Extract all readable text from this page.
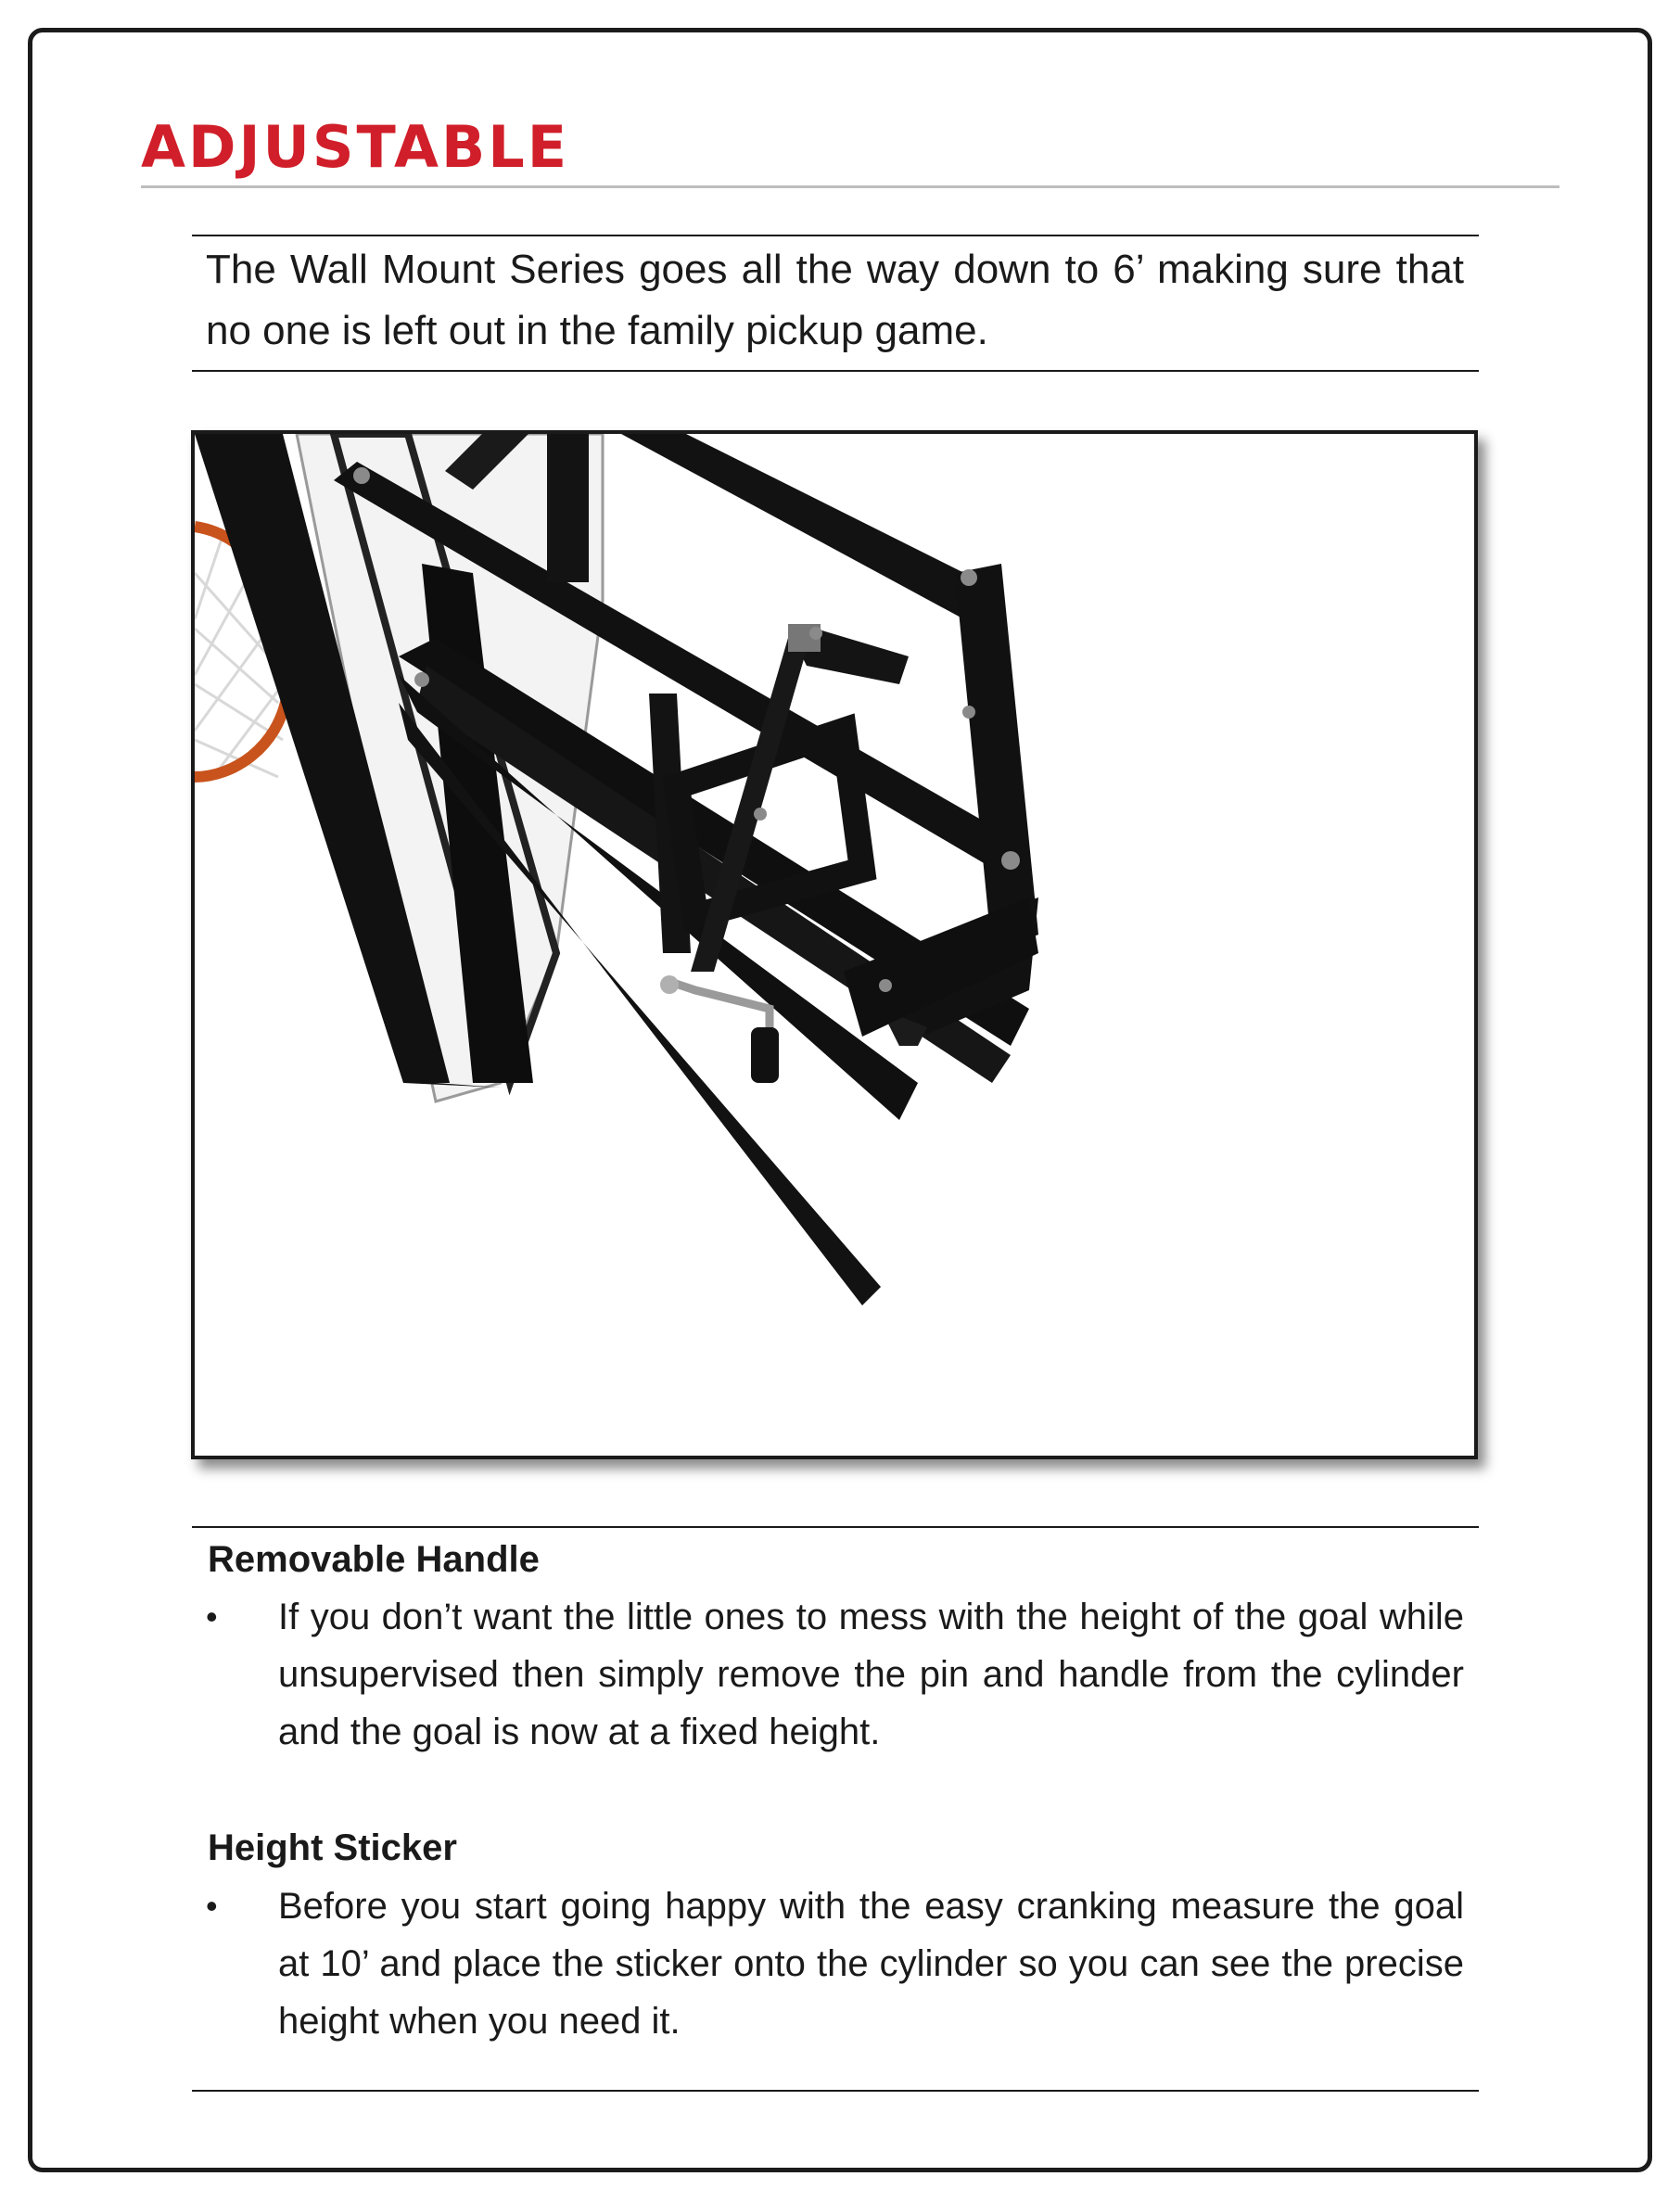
ADJUSTABLE

The Wall Mount Series goes all the way down to 6’ making sure that no one is left out in the family pickup game.

Removable Handle
• If you don’t want the little ones to mess with the height of the goal while unsupervised then simply remove the pin and handle from the cylinder and the goal is now at a fixed height.

Height Sticker
• Before you start going happy with the easy cranking measure the goal at 10’ and place the sticker onto the cylinder so you can see the precise height when you need it.
